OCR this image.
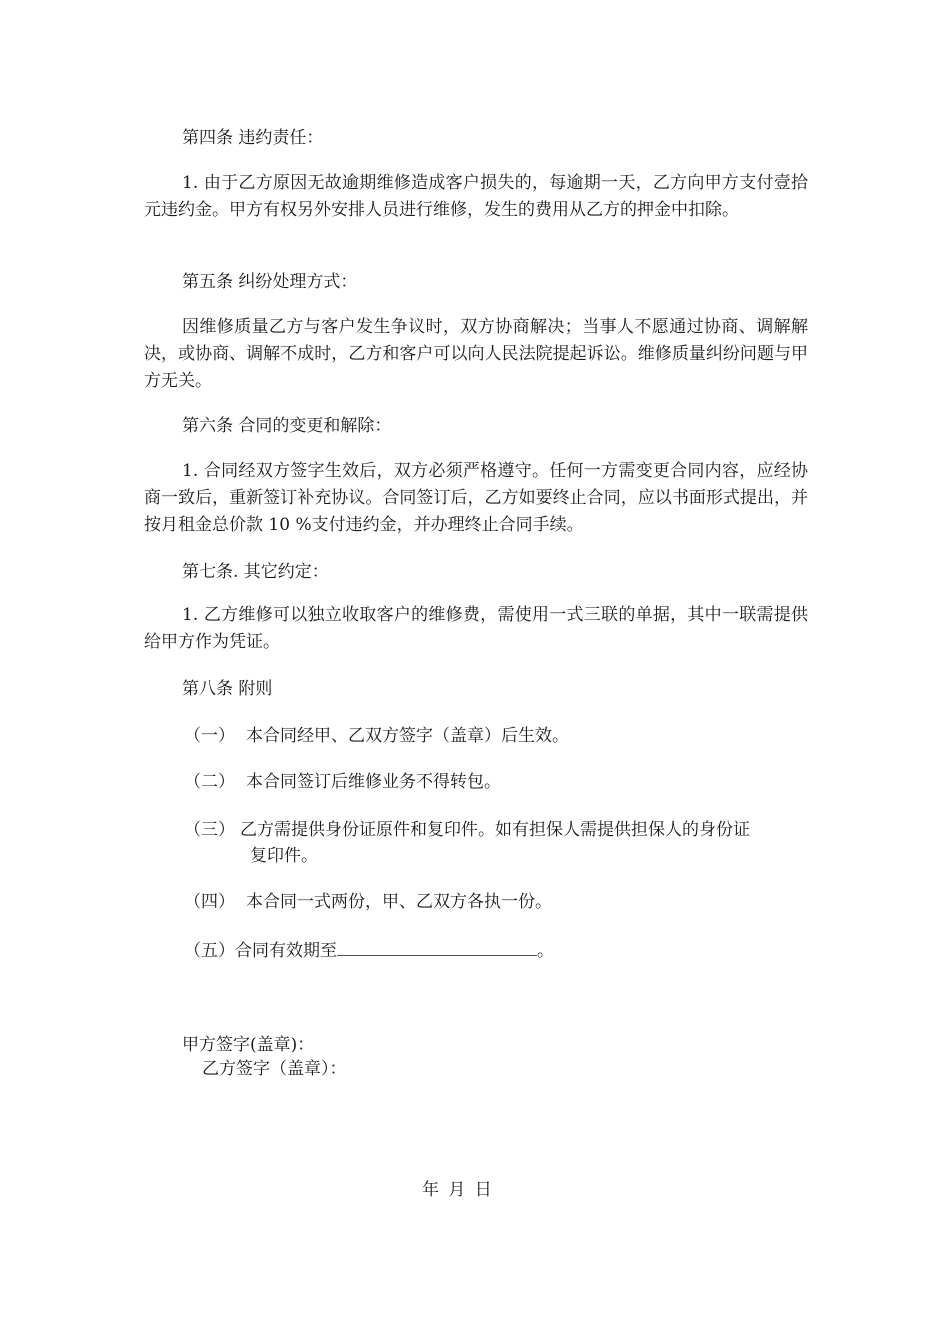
第四条 违约责任：
1. 由于乙方原因无故逾期维修造成客户损失的，每逾期一天，乙方向甲方支付壹拾元违约金。甲方有权另外安排人员进行维修，发生的费用从乙方的押金中扣除。
第五条 纠纷处理方式：
因维修质量乙方与客户发生争议时，双方协商解决；当事人不愿通过协商、调解解决，或协商、调解不成时，乙方和客户可以向人民法院提起诉讼。维修质量纠纷问题与甲方无关。
第六条 合同的变更和解除：
1. 合同经双方签字生效后，双方必须严格遵守。任何一方需变更合同内容，应经协商一致后，重新签订补充协议。合同签订后，乙方如要终止合同，应以书面形式提出，并按月租金总价款 10 %支付违约金，并办理终止合同手续。
第七条. 其它约定：
1. 乙方维修可以独立收取客户的维修费，需使用一式三联的单据，其中一联需提供给甲方作为凭证。
第八条 附则
（一） 本合同经甲、乙双方签字（盖章）后生效。
（二） 本合同签订后维修业务不得转包。
（三） 乙方需提供身份证原件和复印件。如有担保人需提供担保人的身份证
复印件。
（四） 本合同一式两份，甲、乙双方各执一份。
（五）合同有效期至	。
甲方签字(盖章)：
乙方签字（盖章）：
年 月 日
